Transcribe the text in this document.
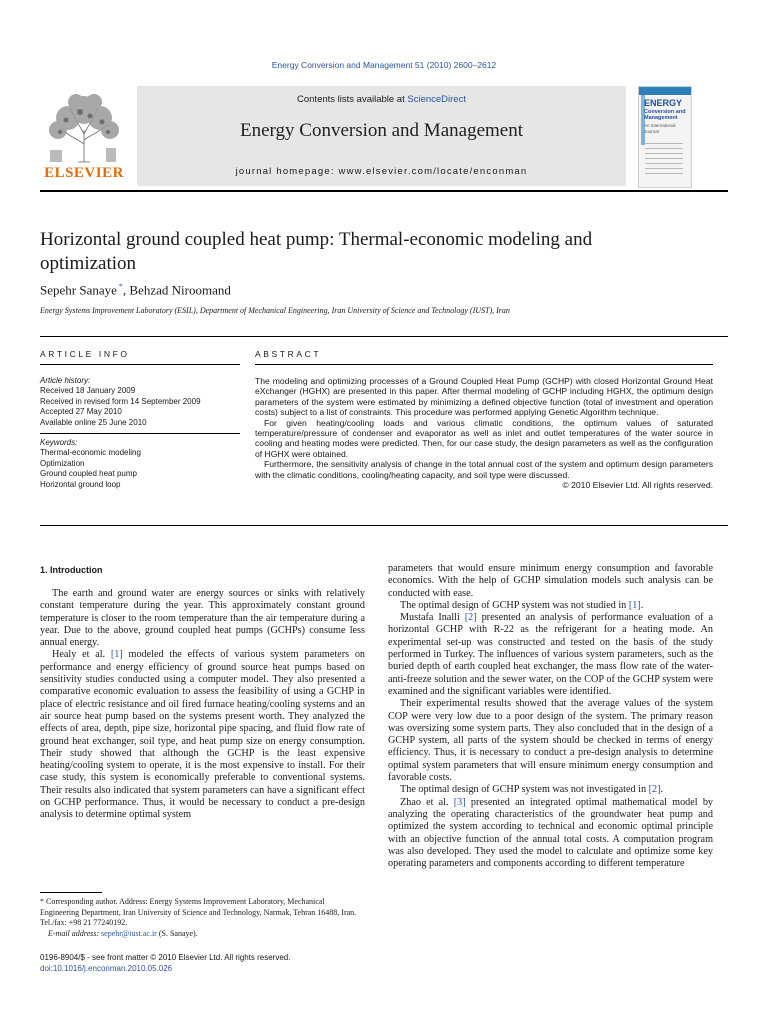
Energy Conversion and Management 51 (2010) 2600–2612
ELSEVIER
Contents lists available at ScienceDirect
Energy Conversion and Management
journal homepage: www.elsevier.com/locate/enconman
ENERGY
Conversion and Management
An International Journal
Horizontal ground coupled heat pump: Thermal-economic modeling and optimization
Sepehr Sanaye *, Behzad Niroomand
Energy Systems Improvement Laboratory (ESIL), Department of Mechanical Engineering, Iran University of Science and Technology (IUST), Iran
ARTICLE INFO
Article history:
Received 18 January 2009
Received in revised form 14 September 2009
Accepted 27 May 2010
Available online 25 June 2010
Keywords:
Thermal-economic modeling
Optimization
Ground coupled heat pump
Horizontal ground loop
ABSTRACT

The modeling and optimizing processes of a Ground Coupled Heat Pump (GCHP) with closed Horizontal Ground Heat eXchanger (HGHX) are presented in this paper. After thermal modeling of GCHP including HGHX, the optimum design parameters of the system were estimated by minimizing a defined objective function (total of investment and operation costs) subject to a list of constraints. This procedure was performed applying Genetic Algorithm technique.

For given heating/cooling loads and various climatic conditions, the optimum values of saturated temperature/pressure of condenser and evaporator as well as inlet and outlet temperatures of the water source in cooling and heating modes were predicted. Then, for our case study, the design parameters as well as the configuration of HGHX were obtained.

Furthermore, the sensitivity analysis of change in the total annual cost of the system and optimum design parameters with the climatic conditions, cooling/heating capacity, and soil type were discussed.

© 2010 Elsevier Ltd. All rights reserved.

1. Introduction

The earth and ground water are energy sources or sinks with relatively constant temperature during the year. This approximately constant ground temperature is closer to the room temperature than the air temperature during a year. Due to the above, ground coupled heat pumps (GCHPs) consume less annual energy.

Healy et al. [1] modeled the effects of various system parameters on performance and energy efficiency of ground source heat pumps based on sensitivity studies conducted using a computer model. They also presented a comparative economic evaluation to assess the feasibility of using a GCHP in place of electric resistance and oil fired furnace heating/cooling systems and an air source heat pump based on the systems present worth. They analyzed the effects of area, depth, pipe size, horizontal pipe spacing, and fluid flow rate of ground heat exchanger, soil type, and heat pump size on energy consumption. Their study showed that although the GCHP is the least expensive heating/cooling system to operate, it is the most expensive to install. For their case study, this system is economically preferable to conventional systems. Their results also indicated that system parameters can have a significant effect on GCHP performance. Thus, it would be necessary to conduct a pre-design analysis to determine optimal system

parameters that would ensure minimum energy consumption and favorable economics. With the help of GCHP simulation models such analysis can be conducted with ease.

The optimal design of GCHP system was not studied in [1].

Mustafa Inalli [2] presented an analysis of performance evaluation of a horizontal GCHP with R-22 as the refrigerant for a heating mode. An experimental set-up was constructed and tested on the basis of the study performed in Turkey. The influences of various system parameters, such as the buried depth of earth coupled heat exchanger, the mass flow rate of the water-anti-freeze solution and the sewer water, on the COP of the GCHP system were examined and the significant variables were identified.

Their experimental results showed that the average values of the system COP were very low due to a poor design of the system. The primary reason was oversizing some system parts. They also concluded that in the design of a GCHP system, all parts of the system should be checked in terms of energy efficiency. Thus, it is necessary to conduct a pre-design analysis to determine optimal system parameters that will ensure minimum energy consumption and favorable costs.

The optimal design of GCHP system was not investigated in [2].

Zhao et al. [3] presented an integrated optimal mathematical model by analyzing the operating characteristics of the groundwater heat pump and optimized the system according to technical and economic optimal principle with an objective function of the annual total costs. A computation program was also developed. They used the model to calculate and optimize some key operating parameters and components according to different temperature

* Corresponding author. Address: Energy Systems Improvement Laboratory, Mechanical Engineering Department, Iran University of Science and Technology, Narmak, Tehran 16488, Iran. Tel./fax: +98 21 77240192.

E-mail address: sepehr@iust.ac.ir (S. Sanaye).

0196-8904/$ - see front matter © 2010 Elsevier Ltd. All rights reserved.
doi:10.1016/j.enconman.2010.05.026
